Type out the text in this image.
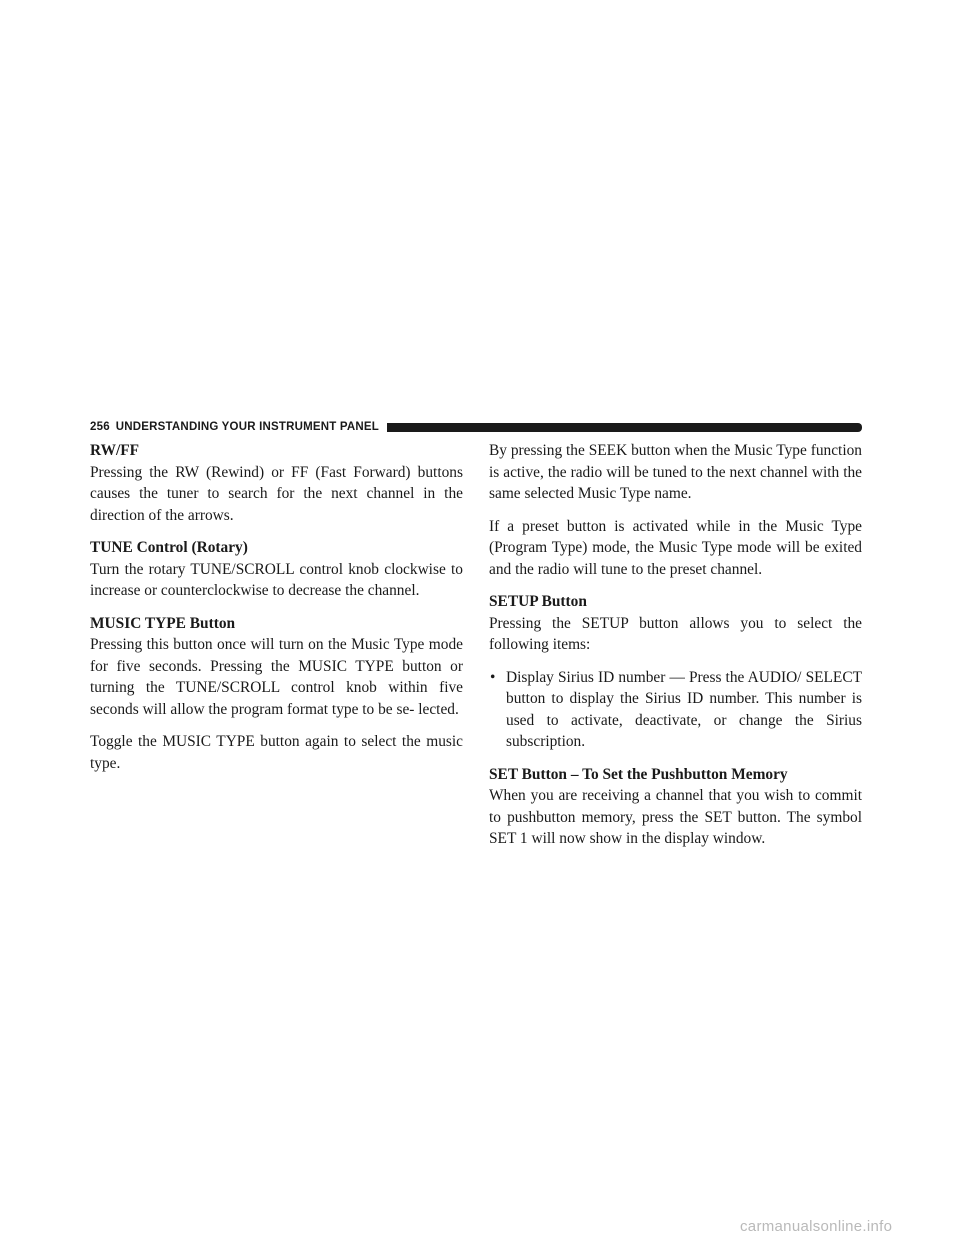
256 UNDERSTANDING YOUR INSTRUMENT PANEL

RW/FF

Pressing the RW (Rewind) or FF (Fast Forward) buttons causes the tuner to search for the next channel in the direction of the arrows.

TUNE Control (Rotary)

Turn the rotary TUNE/SCROLL control knob clockwise to increase or counterclockwise to decrease the channel.

MUSIC TYPE Button

Pressing this button once will turn on the Music Type mode for five seconds. Pressing the MUSIC TYPE button or turning the TUNE/SCROLL control knob within five seconds will allow the program format type to be se- lected.

Toggle the MUSIC TYPE button again to select the music type.

By pressing the SEEK button when the Music Type function is active, the radio will be tuned to the next channel with the same selected Music Type name.

If a preset button is activated while in the Music Type (Program Type) mode, the Music Type mode will be exited and the radio will tune to the preset channel.

SETUP Button

Pressing the SETUP button allows you to select the following items:

• Display Sirius ID number — Press the AUDIO/ SELECT button to display the Sirius ID number. This number is used to activate, deactivate, or change the Sirius subscription.

SET Button – To Set the Pushbutton Memory

When you are receiving a channel that you wish to commit to pushbutton memory, press the SET button. The symbol SET 1 will now show in the display window.

carmanualsonline.info
